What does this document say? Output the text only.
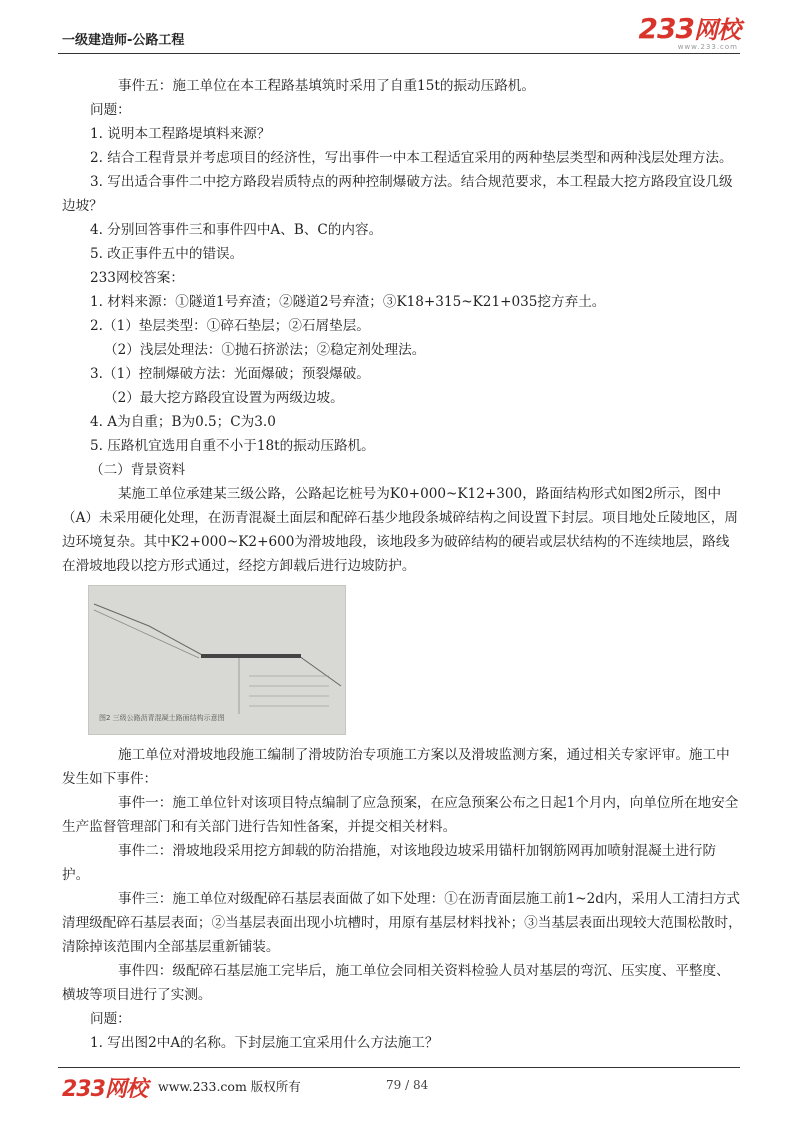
一级建造师-公路工程	233网校
www.233.com

事件五：施工单位在本工程路基填筑时采用了自重15t的振动压路机。

问题：

1. 说明本工程路堤填料来源？

2. 结合工程背景并考虑项目的经济性，写出事件一中本工程适宜采用的两种垫层类型和两种浅层处理方法。

3. 写出适合事件二中挖方路段岩质特点的两种控制爆破方法。结合规范要求，本工程最大挖方路段宜设几级边坡？

4. 分别回答事件三和事件四中A、B、C的内容。

5. 改正事件五中的错误。

233网校答案：

1. 材料来源：①隧道1号弃渣；②隧道2号弃渣；③K18+315~K21+035挖方弃土。

2.（1）垫层类型：①碎石垫层；②石屑垫层。

（2）浅层处理法：①抛石挤淤法；②稳定剂处理法。

3.（1）控制爆破方法：光面爆破；预裂爆破。

（2）最大挖方路段宜设置为两级边坡。

4. A为自重；B为0.5；C为3.0

5. 压路机宜选用自重不小于18t的振动压路机。

（二）背景资料

某施工单位承建某三级公路，公路起讫桩号为K0+000~K12+300，路面结构形式如图2所示，图中（A）未采用硬化处理，在沥青混凝土面层和配碎石基少地段条城碎结构之间设置下封层。项目地处丘陵地区，周边环境复杂。其中K2+000~K2+600为滑坡地段，该地段多为破碎结构的硬岩或层状结构的不连续地层，路线在滑坡地段以挖方形式通过，经挖方卸载后进行边坡防护。

图2 三级公路沥青混凝土路面结构示意图

施工单位对滑坡地段施工编制了滑坡防治专项施工方案以及滑坡监测方案，通过相关专家评审。施工中发生如下事件：

事件一：施工单位针对该项目特点编制了应急预案，在应急预案公布之日起1个月内，向单位所在地安全生产监督管理部门和有关部门进行告知性备案，并提交相关材料。

事件二：滑坡地段采用挖方卸载的防治措施，对该地段边坡采用锚杆加钢筋网再加喷射混凝土进行防护。

事件三：施工单位对级配碎石基层表面做了如下处理：①在沥青面层施工前1~2d内，采用人工清扫方式清理级配碎石基层表面；②当基层表面出现小坑槽时，用原有基层材料找补；③当基层表面出现较大范围松散时，清除掉该范围内全部基层重新铺装。

事件四：级配碎石基层施工完毕后，施工单位会同相关资料检验人员对基层的弯沉、压实度、平整度、横坡等项目进行了实测。

问题：

1. 写出图2中A的名称。下封层施工宜采用什么方法施工？

233网校 www.233.com 版权所有	79 / 84
